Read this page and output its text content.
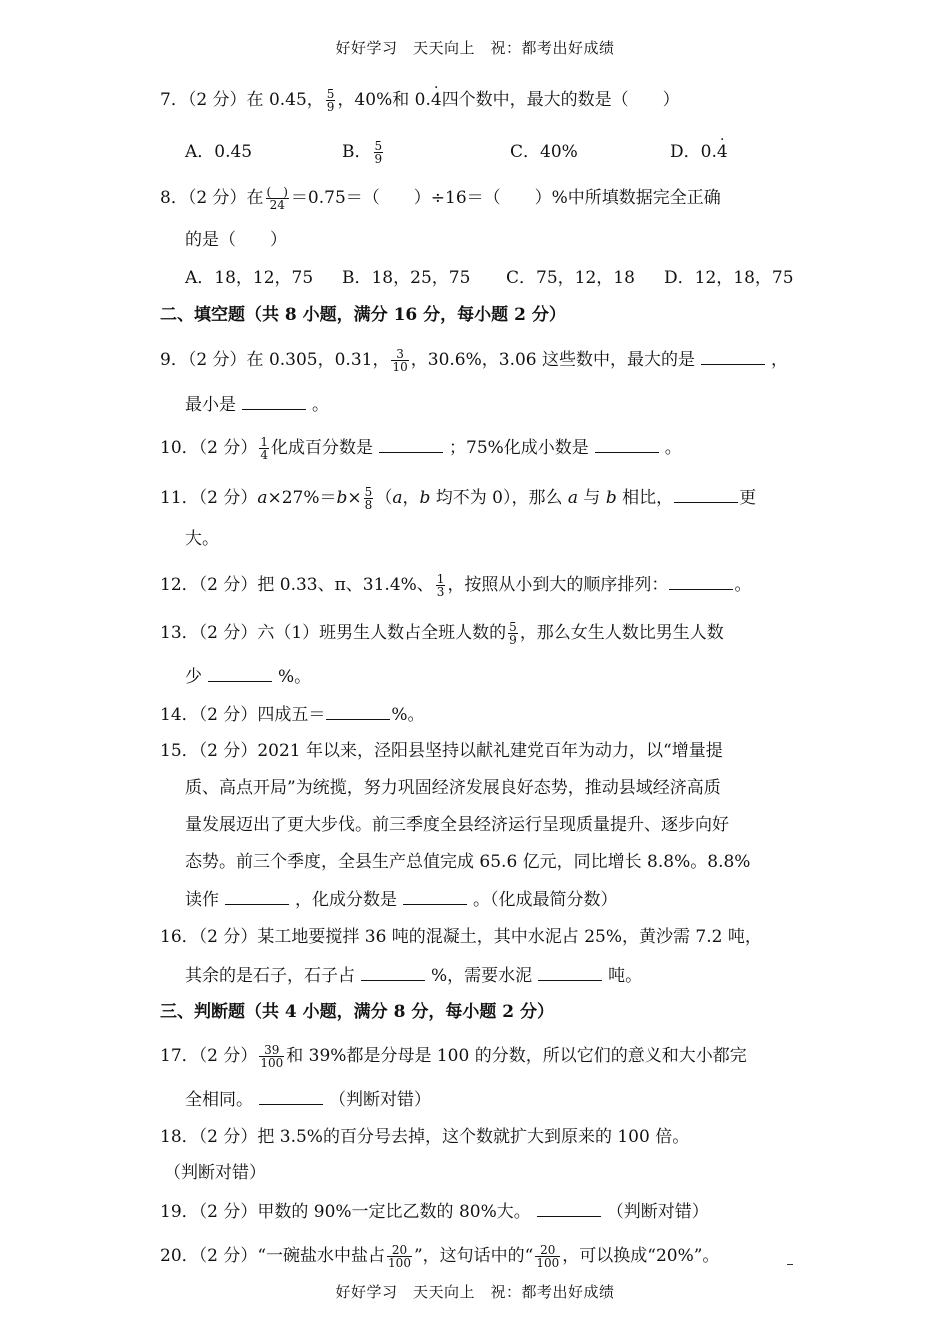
好好学习　天天向上　祝：都考出好成绩
7．（2 分）在 0.45， $\frac{5}{9}$ ，40%和 0.· 4四个数中，最大的数是（　　）
A．0.45	B． $\frac{5}{9}$	C．40%	D．0.· 4
8．（2 分）在 $\frac{( )}{24} =0.75=$（　　）÷16＝（　　）%中所填数据完全正确
的是（　　）
A．18，12，75 B．18，25，75 C．75，12，18 D．12，18，75
二、填空题（共 8 小题，满分 16 分，每小题 2 分）
9．（2 分）在 0.305，0.31， $\frac{3}{10}$ ，30.6%，3.06 这些数中，最大的是	，
最小是	。
10．（2 分） $\frac{1}{4}$ 化成百分数是	；75%化成小数是	。
11．（2 分）$a\times 27\%=b\times \frac{5}{8} (a$，b 均不为 0），那么 a 与 b 相比，	更
大。
12．（2 分）把 0.33、π、31.4%、 $\frac{1}{3}$ ，按照从小到大的顺序排列：	。
13．（2 分）六（1）班男生人数占全班人数的 $\frac{5}{9}$ ，那么女生人数比男生人数
少	%。
14．（2 分）四成五＝	%。
15．（2 分）2021 年以来，泾阳县坚持以献礼建党百年为动力，以“增量提
质、高点开局”为统揽，努力巩固经济发展良好态势，推动县域经济高质
量发展迈出了更大步伐。前三季度全县经济运行呈现质量提升、逐步向好
态势。前三个季度，全县生产总值完成 65.6 亿元，同比增长 8.8%。8.8%
读作	，化成分数是	。（化成最简分数）
16．（2 分）某工地要搅拌 36 吨的混凝土，其中水泥占 25%，黄沙需 7.2 吨，
其余的是石子，石子占	%，需要水泥	吨。
三、判断题（共 4 小题，满分 8 分，每小题 2 分）
17．（2 分） $\frac{39}{100}$ 和 39%都是分母是 100 的分数，所以它们的意义和大小都完
全相同。	（判断对错）
18．（2 分）把 3.5%的百分号去掉，这个数就扩大到原来的 100 倍。
（判断对错）
19．（2 分）甲数的 90%一定比乙数的 80%大。	（判断对错）
20．（2 分）“一碗盐水中盐占 $\frac{20}{100}$ ”，这句话中的“ $\frac{20}{100}$ ，可以换成“20%”。
好好学习　天天向上　祝：都考出好成绩
